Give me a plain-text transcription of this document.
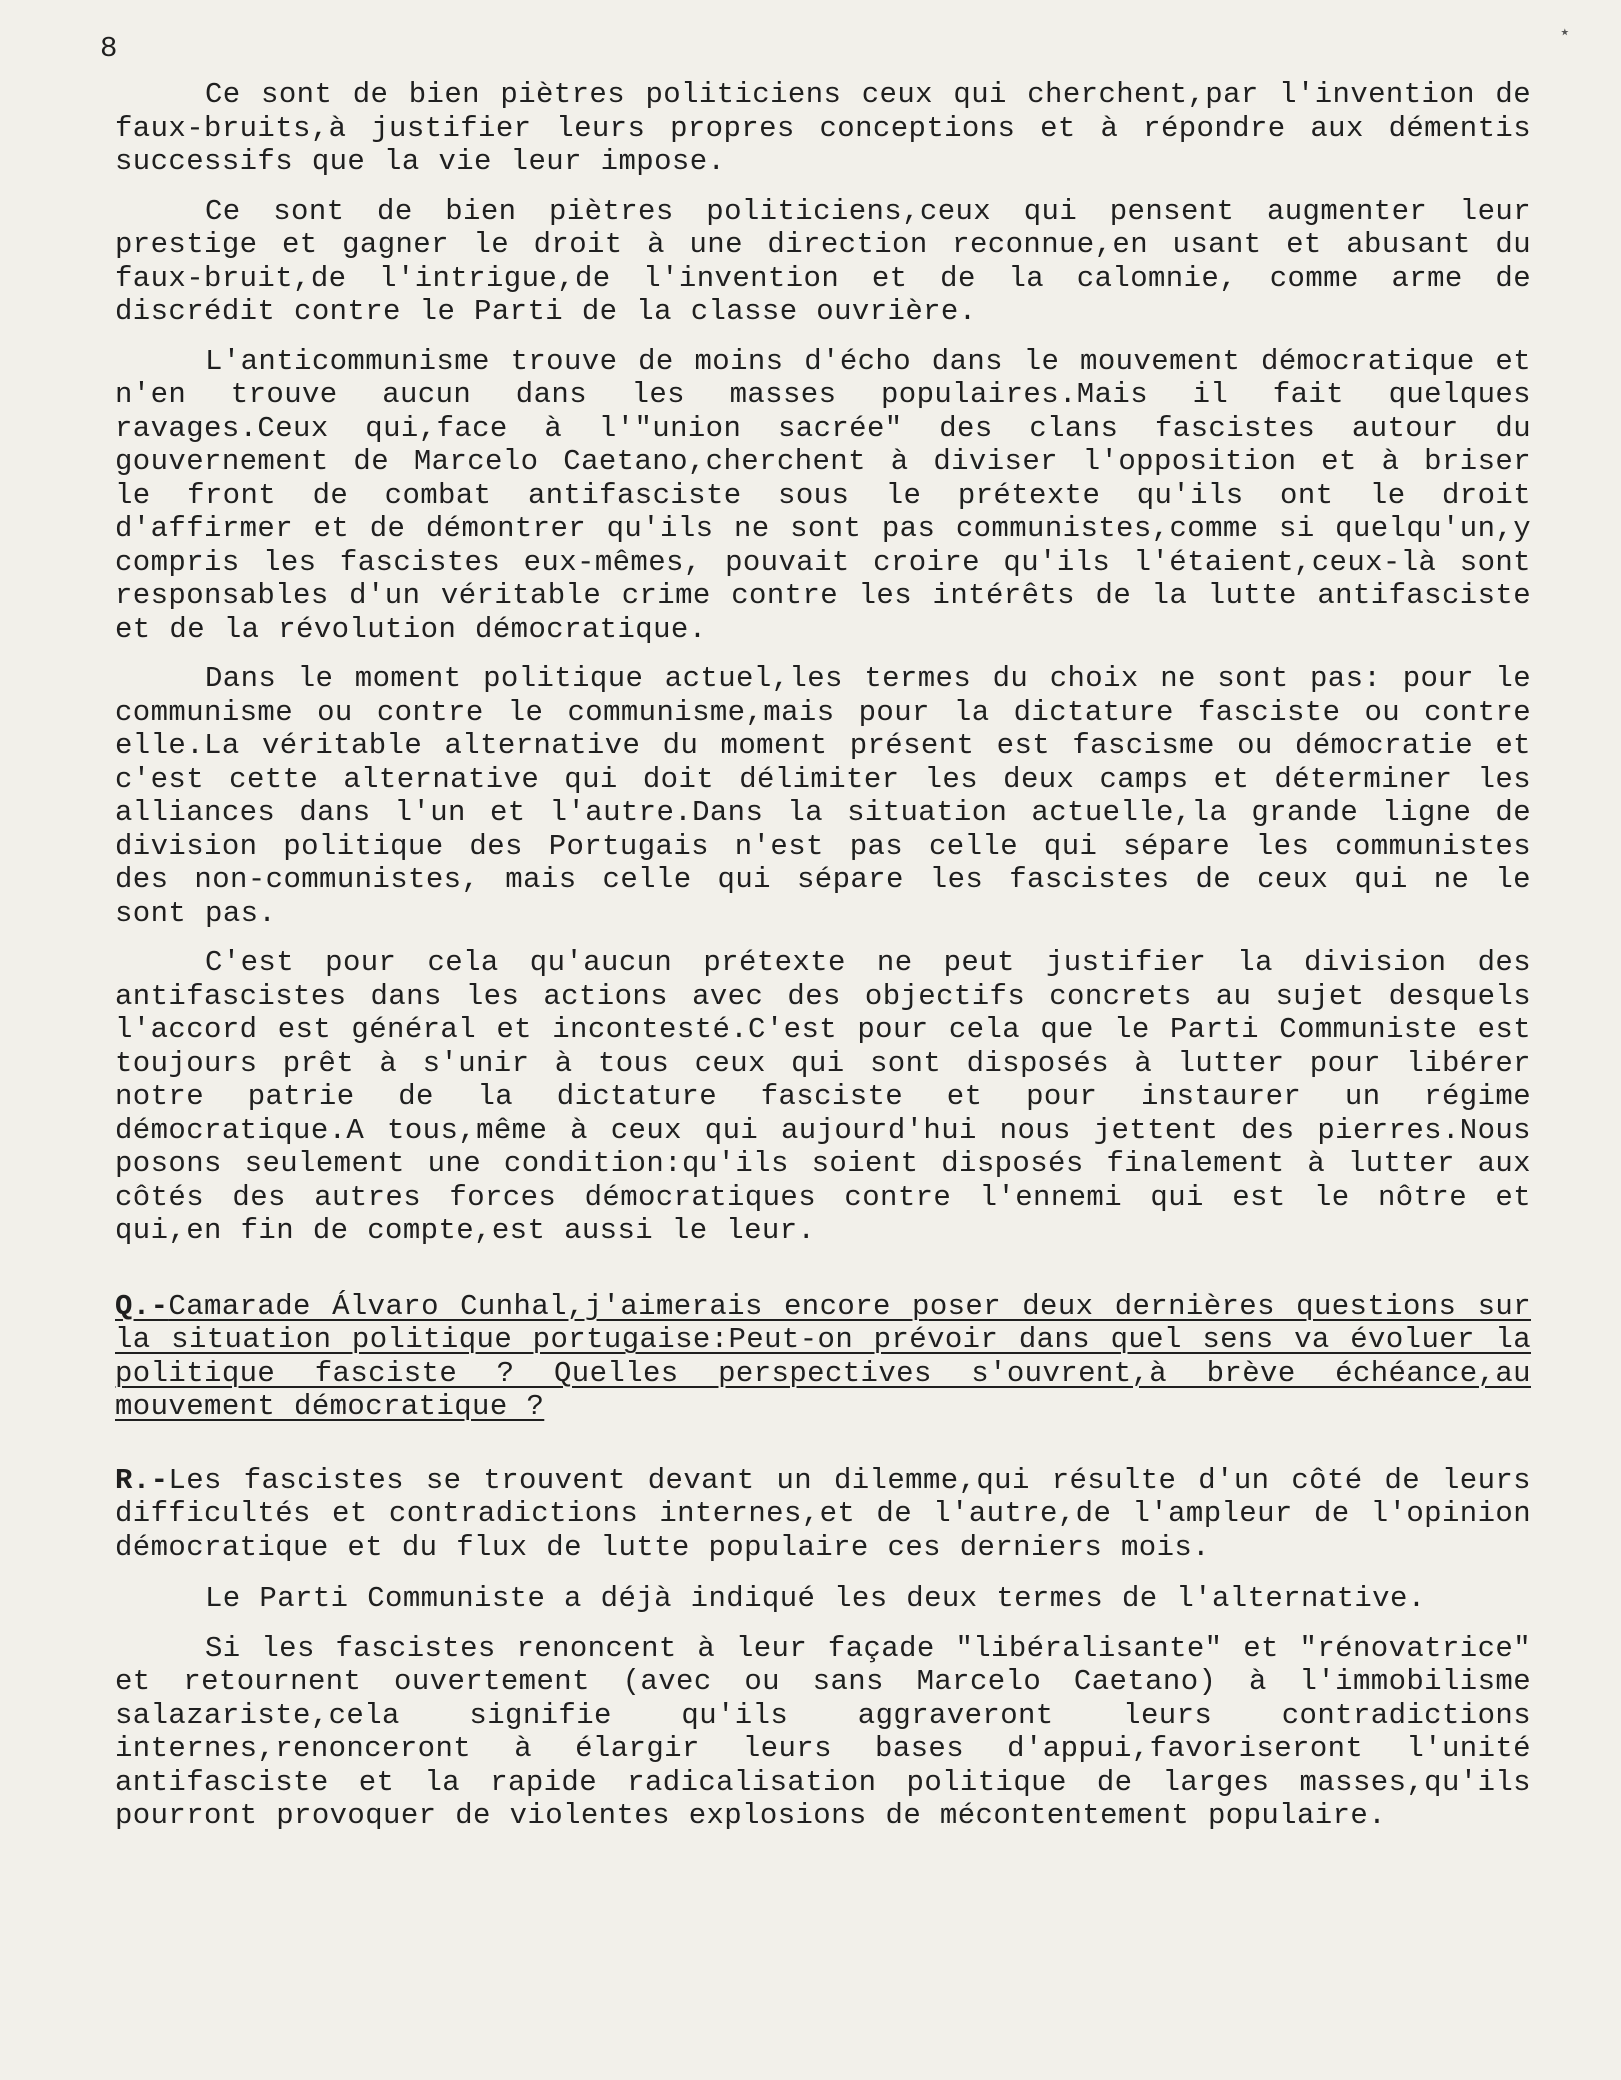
8	٭

Ce sont de bien piètres politiciens ceux qui cherchent,par l'invention de faux-bruits,à justifier leurs propres conceptions et à répondre aux démentis successifs que la vie leur impose.

Ce sont de bien piètres politiciens,ceux qui pensent augmenter leur prestige et gagner le droit à une direction reconnue,en usant et abusant du faux-bruit,de l'intrigue,de l'invention et de la calomnie, comme arme de discrédit contre le Parti de la classe ouvrière.

L'anticommunisme trouve de moins d'écho dans le mouvement démocratique et n'en trouve aucun dans les masses populaires.Mais il fait quelques ravages.Ceux qui,face à l'"union sacrée" des clans fascistes autour du gouvernement de Marcelo Caetano,cherchent à diviser l'opposition et à briser le front de combat antifasciste sous le prétexte qu'ils ont le droit d'affirmer et de démontrer qu'ils ne sont pas communistes,comme si quelqu'un,y compris les fascistes eux-mêmes, pouvait croire qu'ils l'étaient,ceux-là sont responsables d'un véritable crime contre les intérêts de la lutte antifasciste et de la révolution démocratique.

Dans le moment politique actuel,les termes du choix ne sont pas: pour le communisme ou contre le communisme,mais pour la dictature fasciste ou contre elle.La véritable alternative du moment présent est fascisme ou démocratie et c'est cette alternative qui doit délimiter les deux camps et déterminer les alliances dans l'un et l'autre.Dans la situation actuelle,la grande ligne de division politique des Portugais n'est pas celle qui sépare les communistes des non-communistes, mais celle qui sépare les fascistes de ceux qui ne le sont pas.

C'est pour cela qu'aucun prétexte ne peut justifier la division des antifascistes dans les actions avec des objectifs concrets au sujet desquels l'accord est général et incontesté.C'est pour cela que le Parti Communiste est toujours prêt à s'unir à tous ceux qui sont disposés à lutter pour libérer notre patrie de la dictature fasciste et pour instaurer un régime démocratique.A tous,même à ceux qui aujourd'hui nous jettent des pierres.Nous posons seulement une condition:qu'ils soient disposés finalement à lutter aux côtés des autres forces démocratiques contre l'ennemi qui est le nôtre et qui,en fin de compte,est aussi le leur.

Q.-Camarade Álvaro Cunhal,j'aimerais encore poser deux dernières questions sur la situation politique portugaise:Peut-on prévoir dans quel sens va évoluer la politique fasciste ? Quelles perspectives s'ouvrent,à brève échéance,au mouvement démocratique ?

R.-Les fascistes se trouvent devant un dilemme,qui résulte d'un côté de leurs difficultés et contradictions internes,et de l'autre,de l'ampleur de l'opinion démocratique et du flux de lutte populaire ces derniers mois.

Le Parti Communiste a déjà indiqué les deux termes de l'alternative.

Si les fascistes renoncent à leur façade "libéralisante" et "rénovatrice" et retournent ouvertement (avec ou sans Marcelo Caetano) à l'immobilisme salazariste,cela signifie qu'ils aggraveront leurs contradictions internes,renonceront à élargir leurs bases d'appui,favoriseront l'unité antifasciste et la rapide radicalisation politique de larges masses,qu'ils pourront provoquer de violentes explosions de mécontentement populaire.
